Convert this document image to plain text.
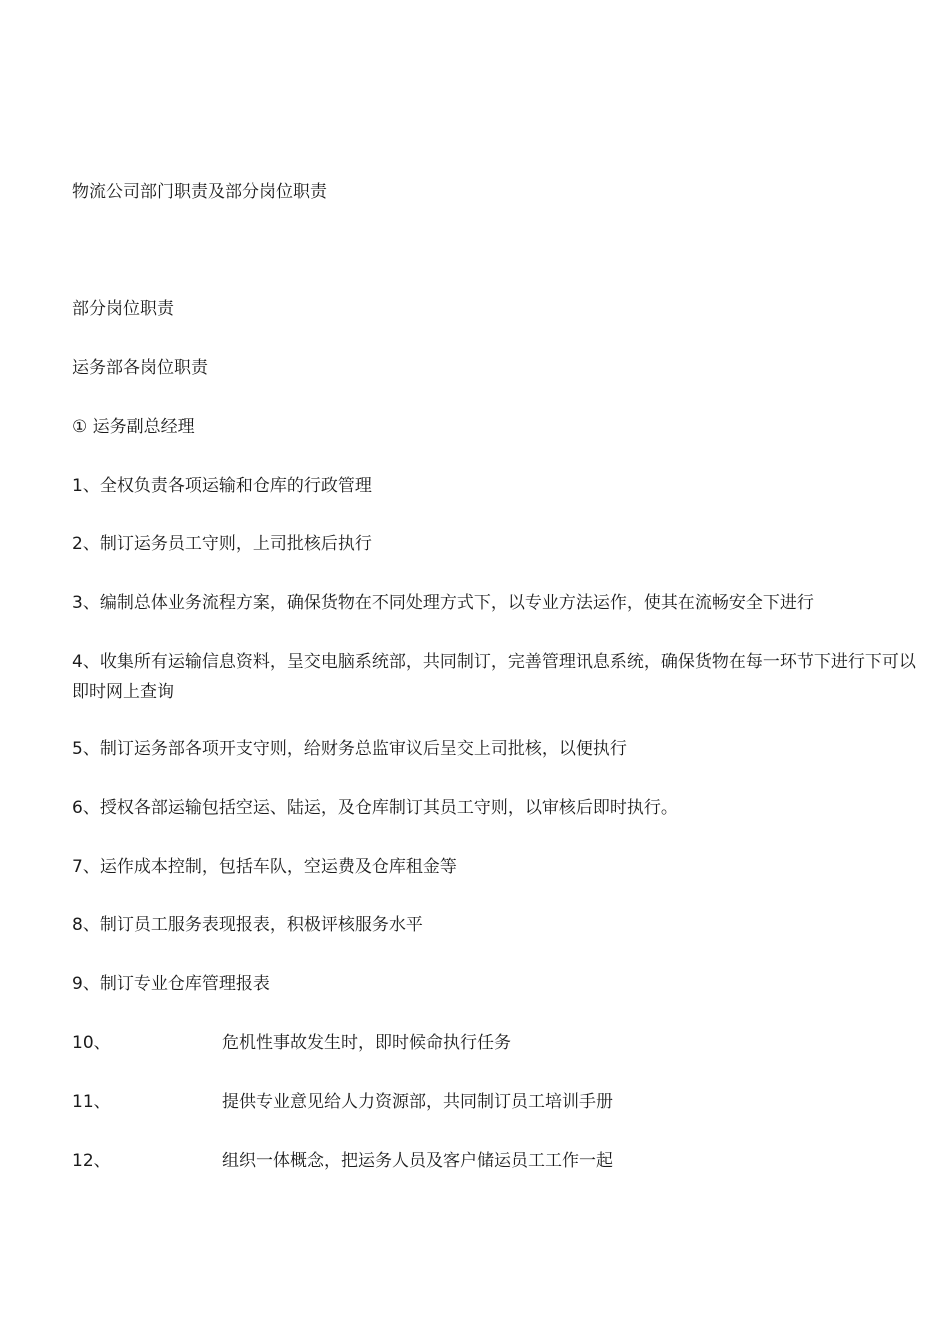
物流公司部门职责及部分岗位职责
部分岗位职责
运务部各岗位职责
① 运务副总经理
1、全权负责各项运输和仓库的行政管理
2、制订运务员工守则，上司批核后执行
3、编制总体业务流程方案，确保货物在不同处理方式下，以专业方法运作，使其在流畅安全下进行
4、收集所有运输信息资料，呈交电脑系统部，共同制订，完善管理讯息系统，确保货物在每一环节下进行下可以即时网上查询
5、制订运务部各项开支守则，给财务总监审议后呈交上司批核，以便执行
6、授权各部运输包括空运、陆运，及仓库制订其员工守则，以审核后即时执行。
7、运作成本控制，包括车队，空运费及仓库租金等
8、制订员工服务表现报表，积极评核服务水平
9、制订专业仓库管理报表
10、	危机性事故发生时，即时候命执行任务
11、	提供专业意见给人力资源部，共同制订员工培训手册
12、	组织一体概念，把运务人员及客户储运员工工作一起
